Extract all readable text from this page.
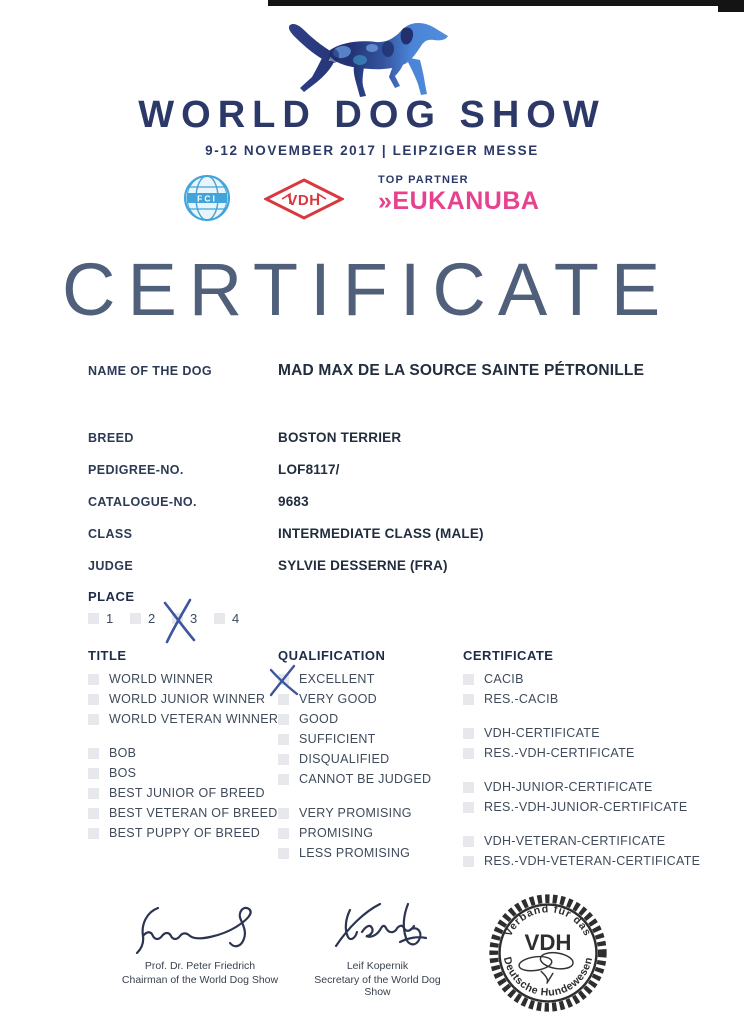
WORLD DOG SHOW
9-12 NOVEMBER 2017 | LEIPZIGER MESSE
FCI	VDH
TOP PARTNER
»EUKANUBA
CERTIFICATE
NAME OF THE DOG	MAD MAX DE LA SOURCE SAINTE PÉTRONILLE
BREED	BOSTON TERRIER
PEDIGREE-NO.	LOF8117/
CATALOGUE-NO.	9683
CLASS	INTERMEDIATE CLASS (MALE)
JUDGE	SYLVIE DESSERNE (FRA)
PLACE
1	2	3	4
TITLE
WORLD WINNER
WORLD JUNIOR WINNER
WORLD VETERAN WINNER
BOB
BOS
BEST JUNIOR OF BREED
BEST VETERAN OF BREED
BEST PUPPY OF BREED
QUALIFICATION
EXCELLENT
VERY GOOD
GOOD
SUFFICIENT
DISQUALIFIED
CANNOT BE JUDGED
VERY PROMISING
PROMISING
LESS PROMISING
CERTIFICATE
CACIB
RES.-CACIB
VDH-CERTIFICATE
RES.-VDH-CERTIFICATE
VDH-JUNIOR-CERTIFICATE
RES.-VDH-JUNIOR-CERTIFICATE
VDH-VETERAN-CERTIFICATE
RES.-VDH-VETERAN-CERTIFICATE
Prof. Dr. Peter Friedrich
Chairman of the World Dog Show
Leif Kopernik
Secretary of the World Dog Show
Verband für das
Deutsche Hundewesen
VDH
